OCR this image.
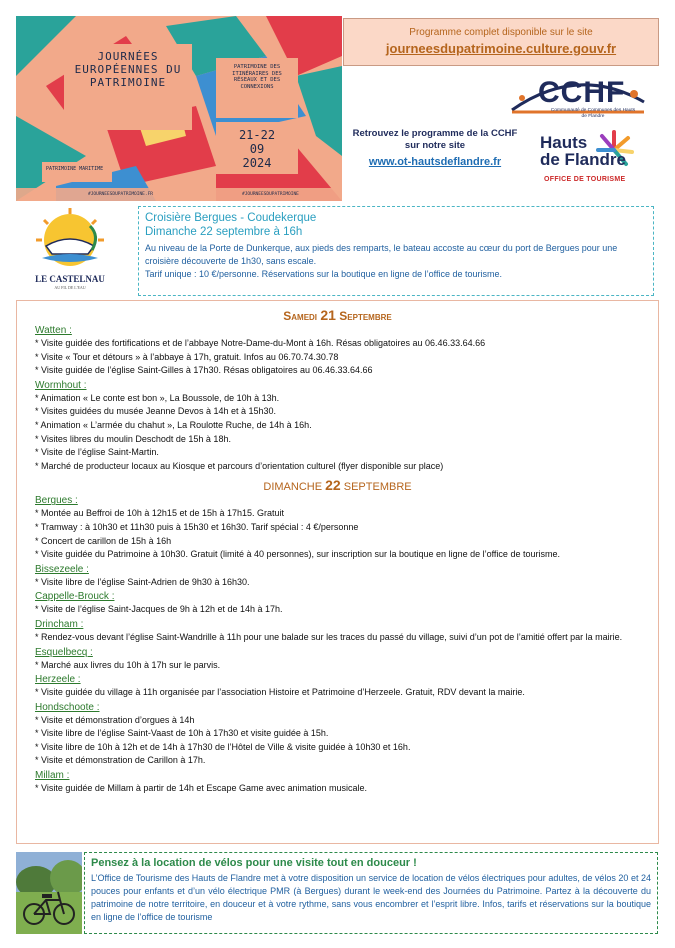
JOURNÉES EUROPÉENNES DU PATRIMOINE
PATRIMOINE DES ITINÉRAIRES DES RÉSEAUX ET DES CONNEXIONS
21-22
09
2024
PATRIMOINE MARITIME
#JOURNEESDUPATRIMOINE.FR	#JOURNEESDUPATRIMOINE
Programme complet disponible sur le site
journeesdupatrimoine.culture.gouv.fr
CCHF
Communauté de Communes des Hauts de Flandre
Retrouvez le programme de la CCHF
sur notre site
www.ot-hautsdeflandre.fr
Hauts
de Flandre
OFFICE DE TOURISME
LE CASTELNAU
AU FIL DE L'EAU
Croisière Bergues - Coudekerque
Dimanche 22 septembre à 16h
Au niveau de la Porte de Dunkerque, aux pieds des remparts, le bateau accoste au cœur du port de Bergues pour une croisière découverte de 1h30, sans escale.
Tarif unique : 10 €/personne. Réservations sur la boutique en ligne de l’office de tourisme.
Samedi 21 Septembre
Watten :
* Visite guidée des fortifications et de l’abbaye Notre-Dame-du-Mont à 16h. Résas obligatoires au 06.46.33.64.66
* Visite « Tour et détours » à l’abbaye à 17h, gratuit. Infos au 06.70.74.30.78
* Visite guidée de l’église Saint-Gilles à 17h30. Résas obligatoires au 06.46.33.64.66
Wormhout :
* Animation « Le conte est bon », La Boussole, de 10h à 13h.
* Visites guidées du musée Jeanne Devos à 14h et à 15h30.
* Animation « L’armée du chahut », La Roulotte Ruche, de 14h à 16h.
* Visites libres du moulin Deschodt de 15h à 18h.
* Visite de l’église Saint-Martin.
* Marché de producteur locaux au Kiosque et parcours d’orientation culturel (flyer disponible sur place)
DIMANCHE 22 SEPTEMBRE
Bergues :
* Montée au Beffroi de 10h à 12h15 et de 15h à 17h15. Gratuit
* Tramway : à 10h30 et 11h30 puis à 15h30 et 16h30. Tarif spécial : 4 €/personne
* Concert de carillon de 15h à 16h
* Visite guidée du Patrimoine à 10h30. Gratuit (limité à 40 personnes), sur inscription sur la boutique en ligne de l’office de tourisme.
Bissezeele :
* Visite libre de l’église Saint-Adrien de 9h30 à 16h30.
Cappelle-Brouck :
* Visite de l’église Saint-Jacques de 9h à 12h et de 14h à 17h.
Drincham :
* Rendez-vous devant l’église Saint-Wandrille à 11h pour une balade sur les traces du passé du village, suivi d’un pot de l’amitié offert par la mairie.
Esquelbecq :
* Marché aux livres du 10h à 17h sur le parvis.
Herzeele :
* Visite guidée du village à 11h organisée par l’association Histoire et Patrimoine d’Herzeele. Gratuit, RDV devant la mairie.
Hondschoote :
* Visite et démonstration d’orgues à 14h
* Visite libre de l’église Saint-Vaast de 10h à 17h30 et visite guidée à 15h.
* Visite libre de 10h à 12h et de 14h à 17h30 de l’Hôtel de Ville & visite guidée à 10h30 et 16h.
* Visite et démonstration de Carillon à 17h.
Millam :
* Visite guidée de Millam à partir de 14h et Escape Game avec animation musicale.
Pensez à la location de vélos pour une visite tout en douceur !
L’Office de Tourisme des Hauts de Flandre met à votre disposition un service de location de vélos électriques pour adultes, de vélos 20 et 24 pouces pour enfants et d’un vélo électrique PMR (à Bergues) durant le week-end des Journées du Patrimoine. Partez à la découverte du patrimoine de notre territoire, en douceur et à votre rythme, sans vous encombrer et l’esprit libre. Infos, tarifs et réservations sur la boutique en ligne de l’office de tourisme
